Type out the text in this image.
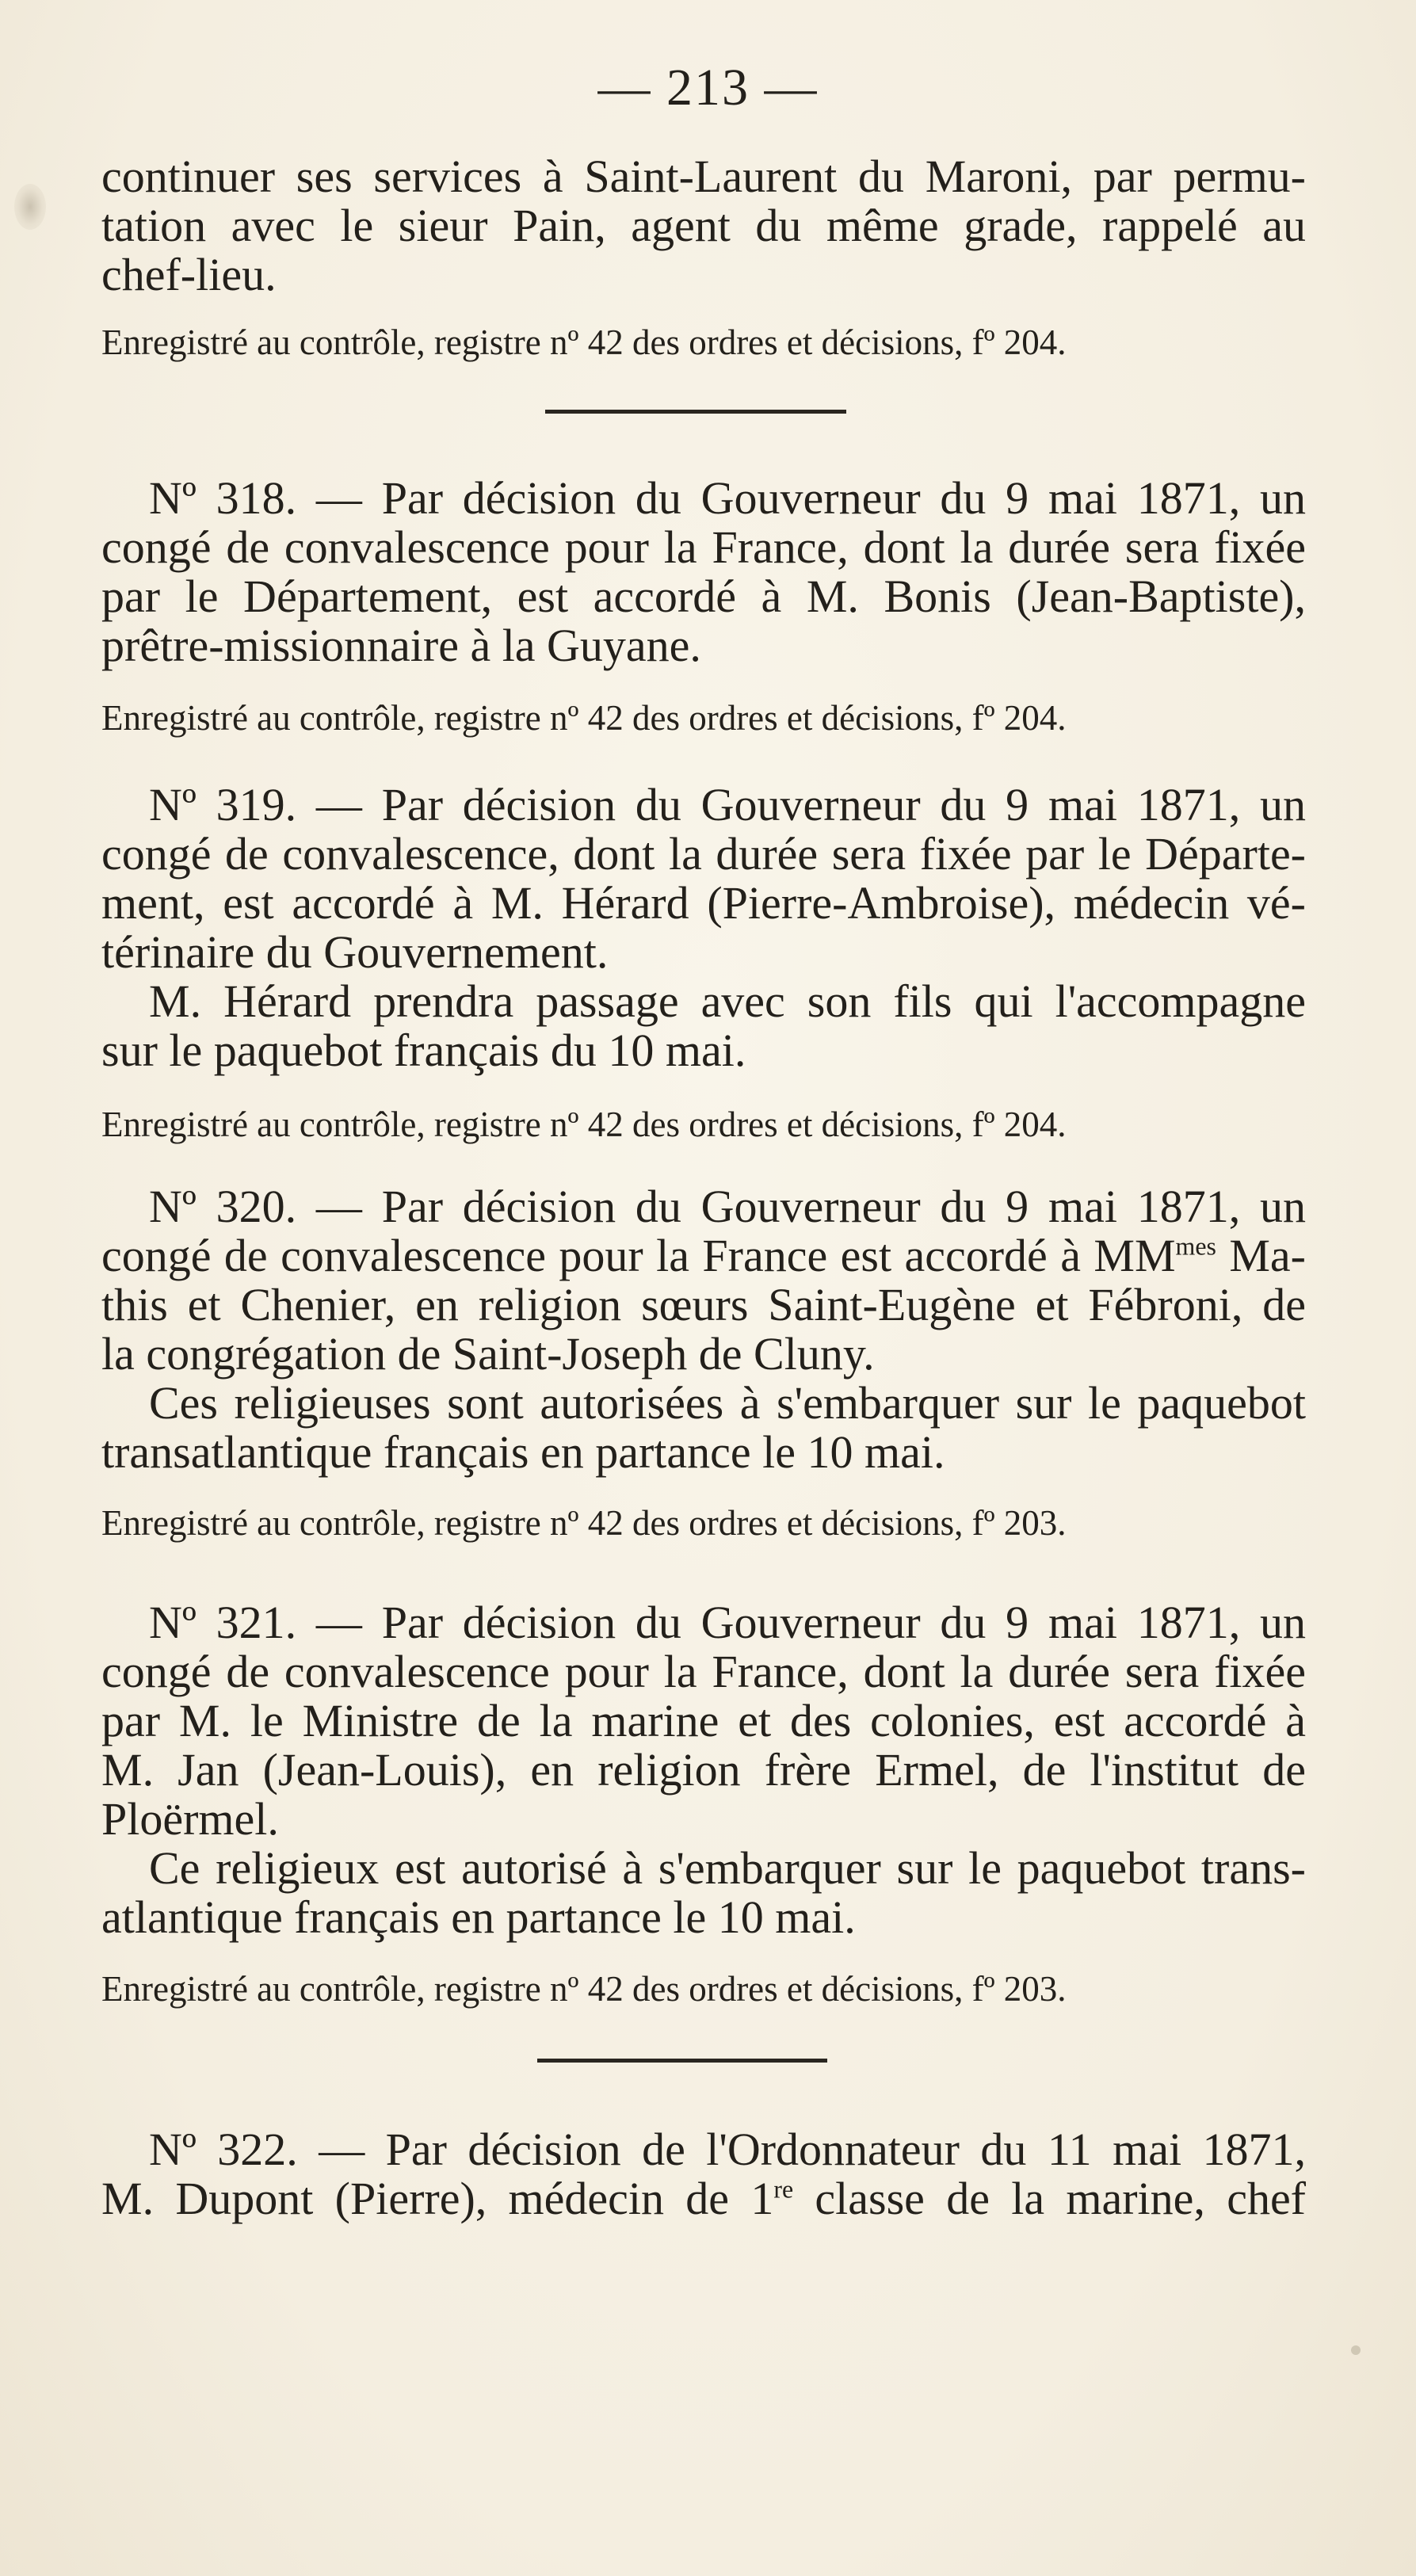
— 213 —

continuer ses services à Saint-Laurent du Maroni, par permu-

tation avec le sieur Pain, agent du même grade, rappelé au

chef-lieu.

Enregistré au contrôle, registre nº 42 des ordres et décisions, fº 204.

Nº 318. — Par décision du Gouverneur du 9 mai 1871, un

congé de convalescence pour la France, dont la durée sera fixée

par le Département, est accordé à M. Bonis (Jean-Baptiste),

prêtre-missionnaire à la Guyane.

Enregistré au contrôle, registre nº 42 des ordres et décisions, fº 204.

Nº 319. — Par décision du Gouverneur du 9 mai 1871, un

congé de convalescence, dont la durée sera fixée par le Départe-

ment, est accordé à M. Hérard (Pierre-Ambroise), médecin vé-

térinaire du Gouvernement.

M. Hérard prendra passage avec son fils qui l'accompagne

sur le paquebot français du 10 mai.

Enregistré au contrôle, registre nº 42 des ordres et décisions, fº 204.

Nº 320. — Par décision du Gouverneur du 9 mai 1871, un

congé de convalescence pour la France est accordé à $MM^{mes}$ Ma-

this et Chenier, en religion sœurs Saint-Eugène et Fébroni, de

la congrégation de Saint-Joseph de Cluny.

Ces religieuses sont autorisées à s'embarquer sur le paquebot

transatlantique français en partance le 10 mai.

Enregistré au contrôle, registre nº 42 des ordres et décisions, fº 203.

Nº 321. — Par décision du Gouverneur du 9 mai 1871, un

congé de convalescence pour la France, dont la durée sera fixée

par M. le Ministre de la marine et des colonies, est accordé à

M. Jan (Jean-Louis), en religion frère Ermel, de l'institut de

Ploërmel.

Ce religieux est autorisé à s'embarquer sur le paquebot trans-

atlantique français en partance le 10 mai.

Enregistré au contrôle, registre nº 42 des ordres et décisions, fº 203.

Nº 322. — Par décision de l'Ordonnateur du 11 mai 1871,

M. Dupont (Pierre), médecin de 1re classe de la marine, chef
